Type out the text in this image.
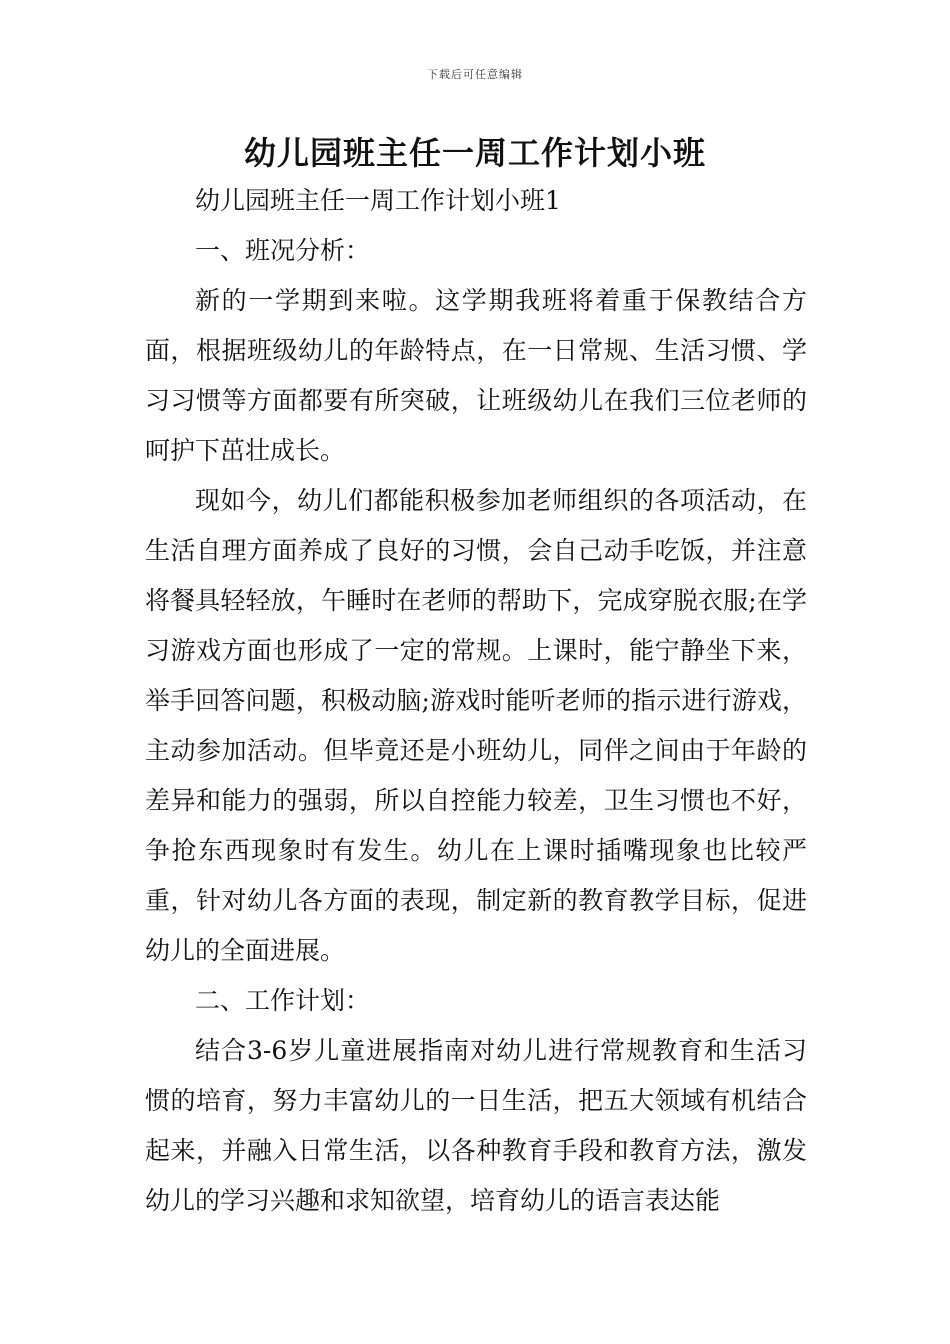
下载后可任意编辑
幼儿园班主任一周工作计划小班

幼儿园班主任一周工作计划小班1

一、班况分析：

新的一学期到来啦。这学期我班将着重于保教结合方面，根据班级幼儿的年龄特点，在一日常规、生活习惯、学习习惯等方面都要有所突破，让班级幼儿在我们三位老师的呵护下茁壮成长。

现如今，幼儿们都能积极参加老师组织的各项活动，在生活自理方面养成了良好的习惯，会自己动手吃饭，并注意将餐具轻轻放，午睡时在老师的帮助下，完成穿脱衣服;在学习游戏方面也形成了一定的常规。上课时，能宁静坐下来，举手回答问题，积极动脑;游戏时能听老师的指示进行游戏，主动参加活动。但毕竟还是小班幼儿，同伴之间由于年龄的差异和能力的强弱，所以自控能力较差，卫生习惯也不好，争抢东西现象时有发生。幼儿在上课时插嘴现象也比较严重，针对幼儿各方面的表现，制定新的教育教学目标，促进幼儿的全面进展。

二、工作计划：

结合3-6岁儿童进展指南对幼儿进行常规教育和生活习惯的培育，努力丰富幼儿的一日生活，把五大领域有机结合起来，并融入日常生活，以各种教育手段和教育方法，激发幼儿的学习兴趣和求知欲望，培育幼儿的语言表达能
